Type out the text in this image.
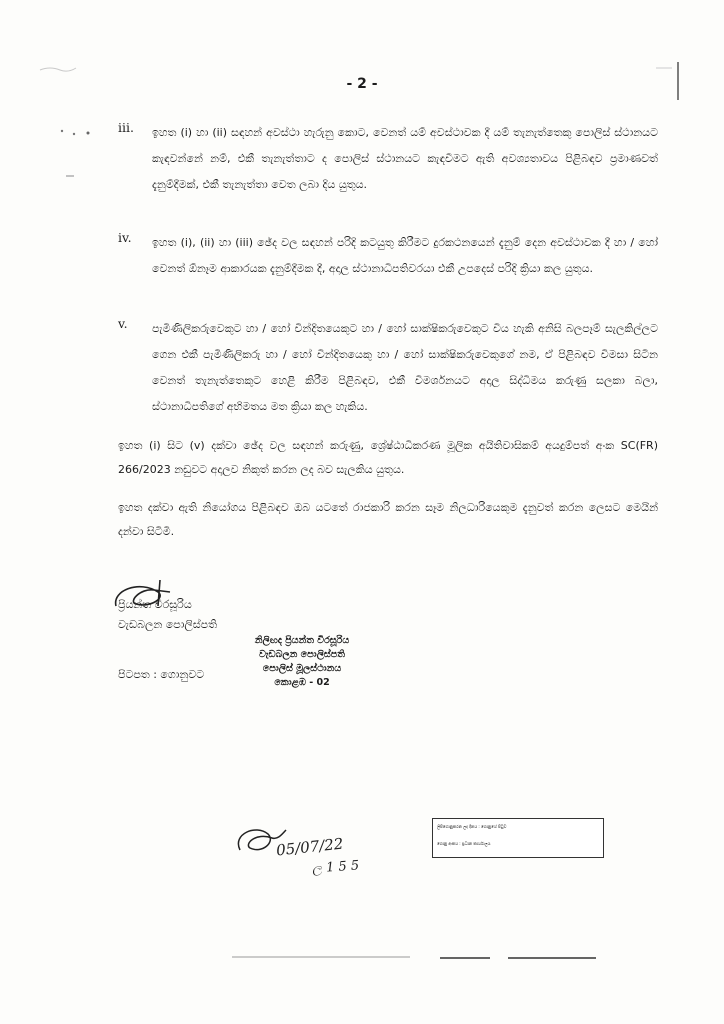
- 2 -
iii. ඉහත (i) හා (ii) සඳහන් අවස්ථා හැරුනු කොට, වෙනත් යම් අවස්ථාවක දී යම් තැනැත්තෙකු පොලිස් ස්ථානයට කැඳවන්නේ නම්, එකී තැනැත්තාට ද පොලිස් ස්ථානයට කැඳවීමට ඇති අවශ්‍යතාවය පිළිබඳව ප්‍රමාණවත් දැනුම්දීමක්, එකී තැනැත්තා වෙත ලබා දිය යුතුය.
iv. ඉහත (i), (ii) හා (iii) ඡේද වල සඳහන් පරිදි කටයුතු කිරීමට දුරකථනයෙන් දැනුම් දෙන අවස්ථාවක දී හා / හෝ වෙනත් ඕනෑම ආකාරයක දැනුම්දීමක දී, අදාල ස්ථානාධිපතිවරයා එකී උපදෙස් පරිදි ක්‍රියා කල යුතුය.
v. පැමිණිලිකරුවෙකුට හා / හෝ වින්දිතයෙකුට හා / හෝ සාක්ෂිකරුවෙකුට විය හැකි අනිසි බලපෑම් සැලකිල්ලට ගෙන එකී පැමිණිලිකරු හා / හෝ වින්දිතයෙකු හා / හෝ සාක්ෂිකරුවෙකුගේ නම, ඒ පිළිබඳව විමසා සිටින වෙනත් තැනැත්තෙකුට හෙළි කිරීම පිළිබඳව, එකී විමර්ශනයට අදාල සිද්ධිමය කරුණු සලකා බලා, ස්ථානාධිපතිගේ අභිමතය මත ක්‍රියා කල හැකිය.
ඉහත (i) සිට (v) දක්වා ඡේද වල සඳහන් කරුණු, ශ්‍රේෂ්ඨාධිකරණ මූලික අයිතිවාසිකම් අයදුම්පත් අංක SC(FR) 266/2023 නඩුවට අදාලව නිකුත් කරන ලද බව සැලකිය යුතුය.
ඉහත දක්වා ඇති නියෝගය පිළිබඳව ඔබ යටතේ රාජකාරි කරන සෑම නිලධාරියෙකුම දැනුවත් කරන ලෙසට මෙයින් දන්වා සිටිමි.
ප්‍රියන්ත වීරසූරිය
වැඩබලන පොලිස්පති
නිලිඟද ප්‍රියන්ත වීරසූරිය
වැඩබලන පොලිස්පති
පොලිස් මූලස්ථානය
කොළඹ - 02
පිටපත : ගොනුවට
05/07/22
ල 1 5 5
ලිපිගොනුකරන ලද දිනය : ගොනුයේ පිටුව
ගොනු අංකය : ප්‍රධාන කාර්යාලය
